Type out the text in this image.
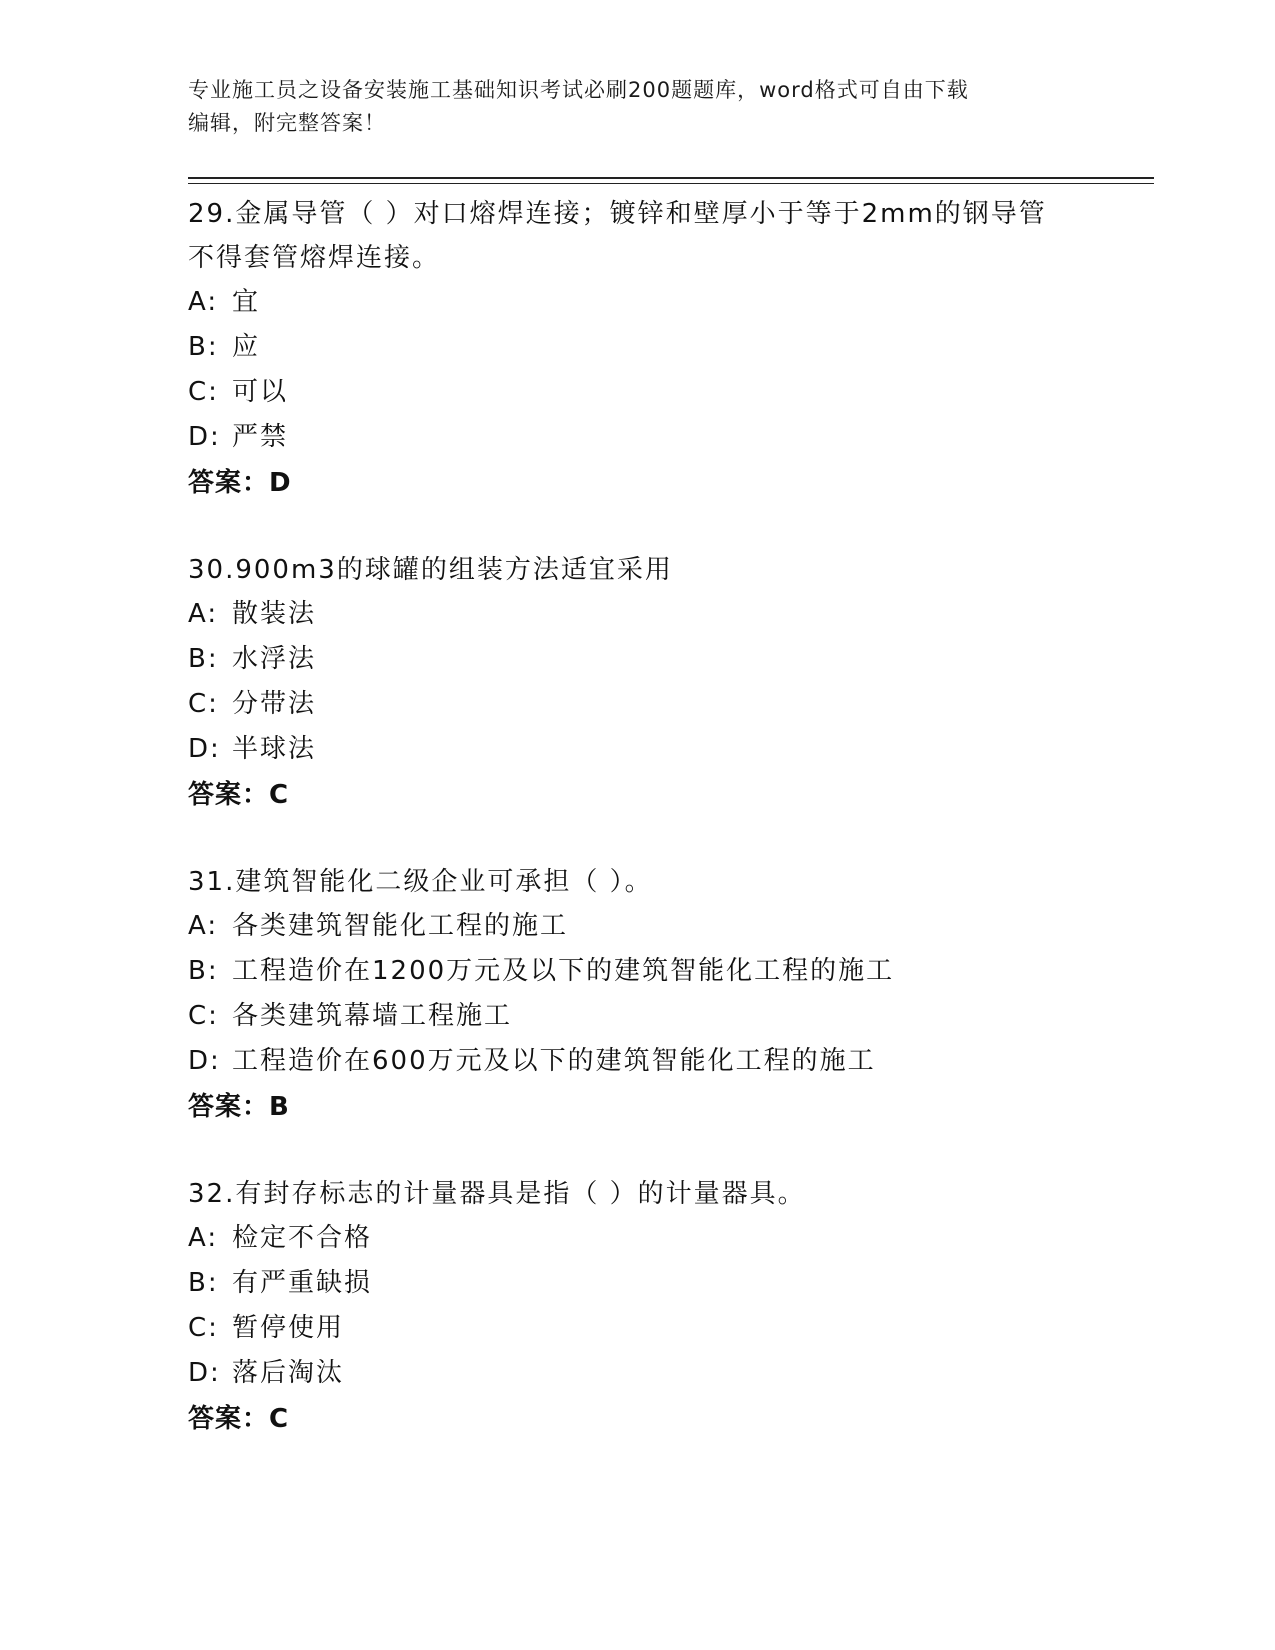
专业施工员之设备安装施工基础知识考试必刷200题题库，word格式可自由下载
编辑，附完整答案！

29.金属导管（ ）对口熔焊连接；镀锌和壁厚小于等于2mm的钢导管不得套管熔焊连接。

A: 宜
B: 应
C: 可以
D: 严禁

答案：D

30.900m3的球罐的组装方法适宜采用

A: 散装法
B: 水浮法
C: 分带法
D: 半球法

答案：C

31.建筑智能化二级企业可承担（ ）。

A: 各类建筑智能化工程的施工
B: 工程造价在1200万元及以下的建筑智能化工程的施工
C: 各类建筑幕墙工程施工
D: 工程造价在600万元及以下的建筑智能化工程的施工

答案：B

32.有封存标志的计量器具是指（ ）的计量器具。

A: 检定不合格
B: 有严重缺损
C: 暂停使用
D: 落后淘汰

答案：C
